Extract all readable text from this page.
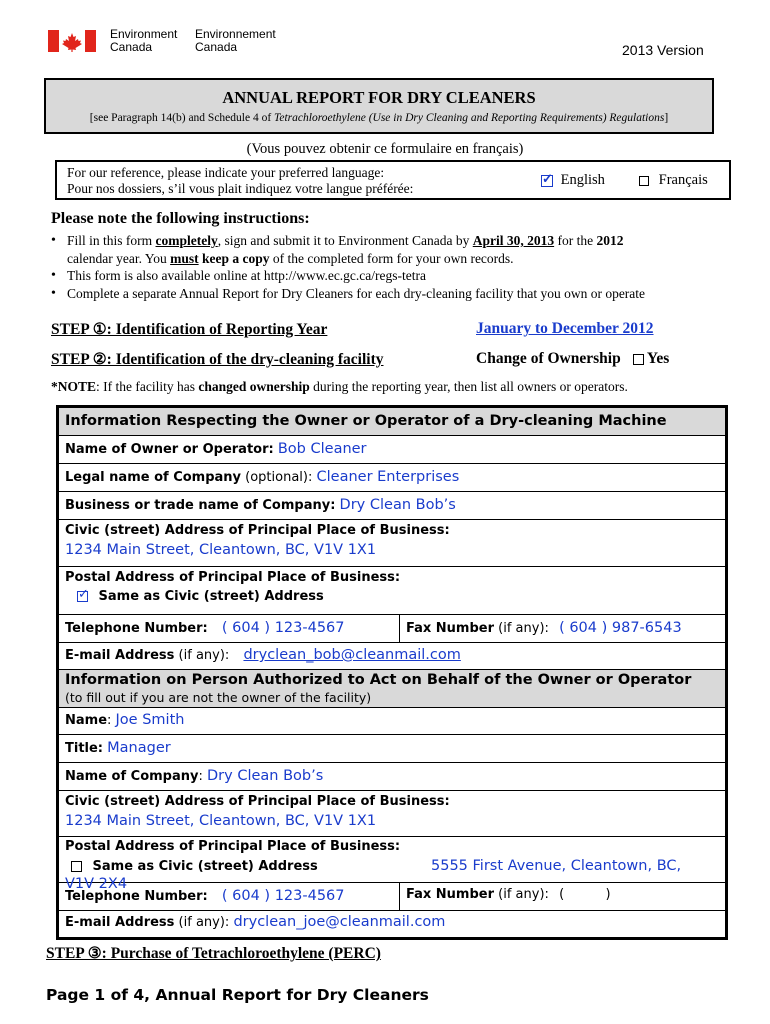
Environment
Canada
Environnement
Canada	2013 Version
ANNUAL REPORT FOR DRY CLEANERS
[see Paragraph 14(b) and Schedule 4 of Tetrachloroethylene (Use in Dry Cleaning and Reporting Requirements) Regulations]
(Vous pouvez obtenir ce formulaire en français)
For our reference, please indicate your preferred language:
Pour nos dossiers, s’il vous plait indiquez votre langue préférée:
✓ English	Français
Please note the following instructions:
• Fill in this form completely, sign and submit it to Environment Canada by April 30, 2013 for the 2012
calendar year. You must keep a copy of the completed form for your own records.
• This form is also available online at http://www.ec.gc.ca/regs-tetra
• Complete a separate Annual Report for Dry Cleaners for each dry-cleaning facility that you own or operate
STEP ①: Identification of Reporting Year	January to December 2012
STEP ②: Identification of the dry-cleaning facility	Change of Ownership Yes
*NOTE: If the facility has changed ownership during the reporting year, then list all owners or operators.
Information Respecting the Owner or Operator of a Dry-cleaning Machine
Name of Owner or Operator: Bob Cleaner
Legal name of Company (optional): Cleaner Enterprises
Business or trade name of Company: Dry Clean Bob’s
Civic (street) Address of Principal Place of Business:
1234 Main Street, Cleantown, BC, V1V 1X1
Postal Address of Principal Place of Business:
✓ Same as Civic (street) Address
Telephone Number: ( 604 ) 123-4567	Fax Number (if any): ( 604 ) 987-6543
E-mail Address (if any): dryclean_bob@cleanmail.com
Information on Person Authorized to Act on Behalf of the Owner or Operator
(to fill out if you are not the owner of the facility)
Name: Joe Smith
Title: Manager
Name of Company: Dry Clean Bob’s
Civic (street) Address of Principal Place of Business:
1234 Main Street, Cleantown, BC, V1V 1X1
Postal Address of Principal Place of Business:
Same as Civic (street) Address	5555 First Avenue, Cleantown, BC,
V1V 2X4
Telephone Number: ( 604 ) 123-4567	Fax Number (if any): (          )
E-mail Address (if any): dryclean_joe@cleanmail.com
STEP ③: Purchase of Tetrachloroethylene (PERC)
Page 1 of 4, Annual Report for Dry Cleaners
